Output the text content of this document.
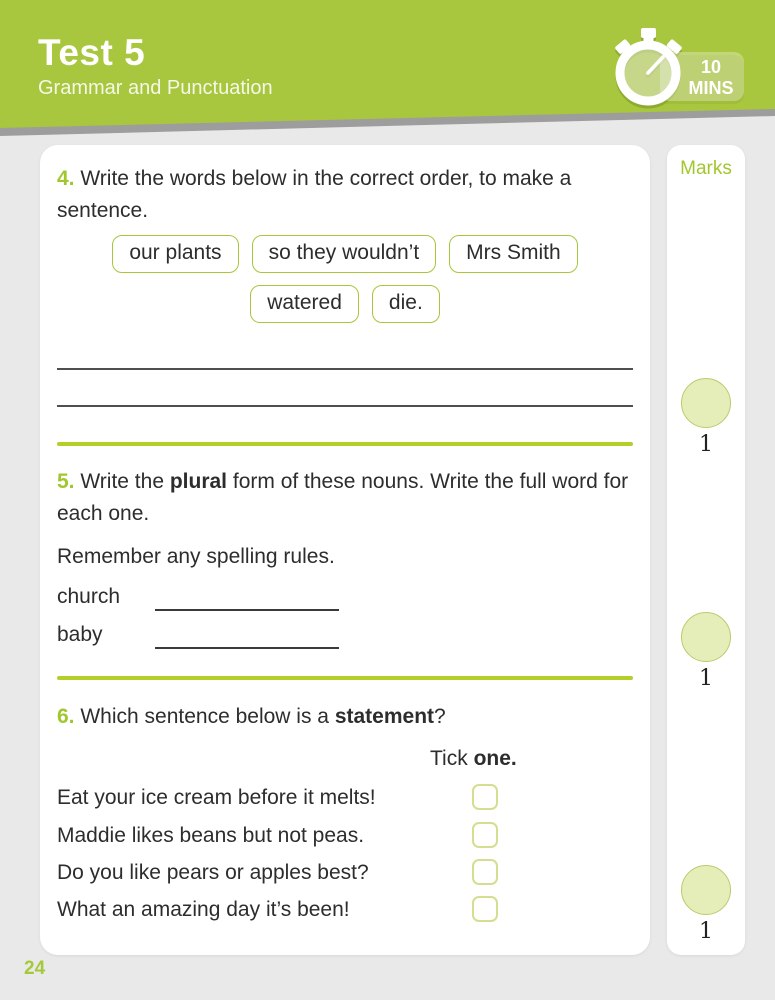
Test 5
Grammar and Punctuation
10
MINS
4. Write the words below in the correct order, to make a sentence.
our plants	so they wouldn’t	Mrs Smith
watered	die.
5. Write the plural form of these nouns. Write the full word for each one.
Remember any spelling rules.
church
baby
6. Which sentence below is a statement?
Tick one.
Eat your ice cream before it melts!
Maddie likes beans but not peas.
Do you like pears or apples best?
What an amazing day it’s been!
Marks
1
1
1
24
